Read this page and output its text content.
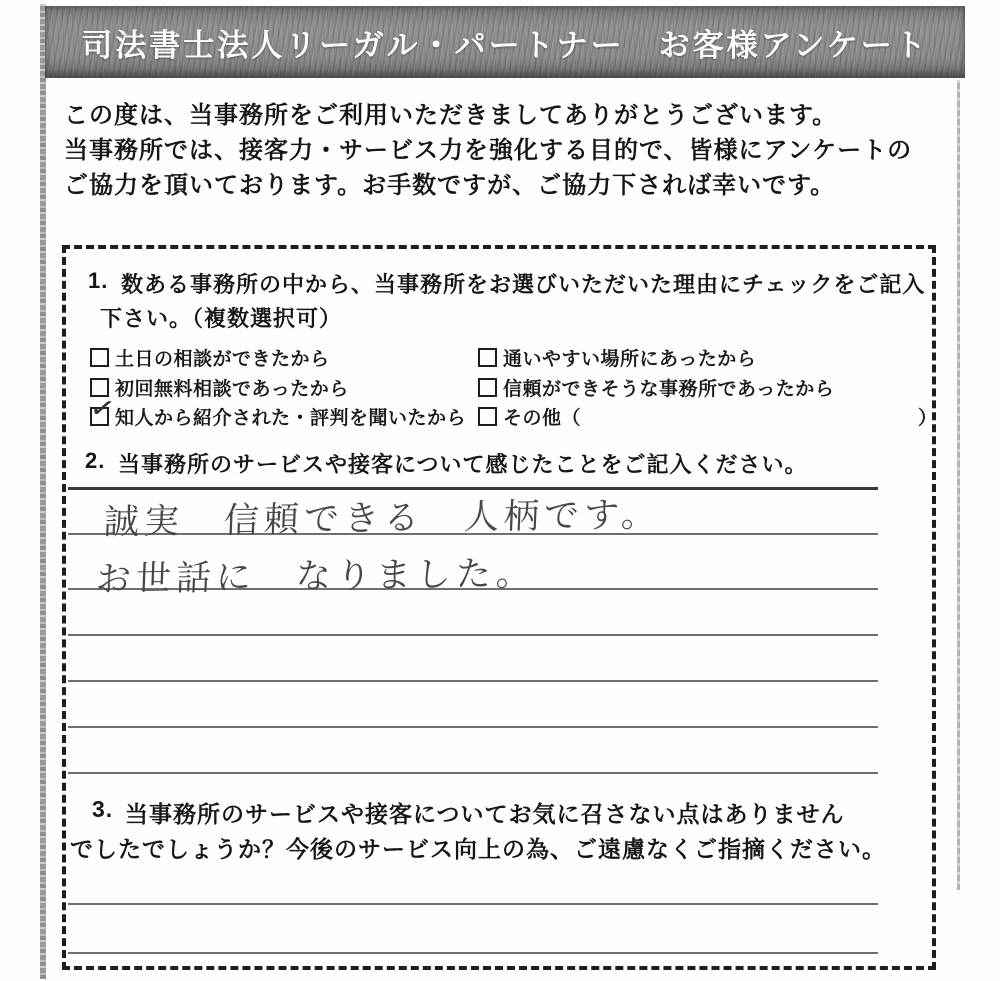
司法書士法人リーガル・パートナー　お客様アンケート

この度は、当事務所をご利用いただきましてありがとうございます。

当事務所では、接客力・サービス力を強化する目的で、皆様にアンケートの

ご協力を頂いております。お手数ですが、ご協力下されば幸いです。

1. 数ある事務所の中から、当事務所をお選びいただいた理由にチェックをご記入
下さい。（複数選択可）
土日の相談ができたから
初回無料相談であったから
✓
知人から紹介された・評判を聞いたから
通いやすい場所にあったから
信頼ができそうな事務所であったから
その他（	）
2. 当事務所のサービスや接客について感じたことをご記入ください。
誠実　信頼できる　人柄です。
お世話に　なりました。
3. 当事務所のサービスや接客についてお気に召さない点はありません
でしたでしょうか？今後のサービス向上の為、ご遠慮なくご指摘ください。
